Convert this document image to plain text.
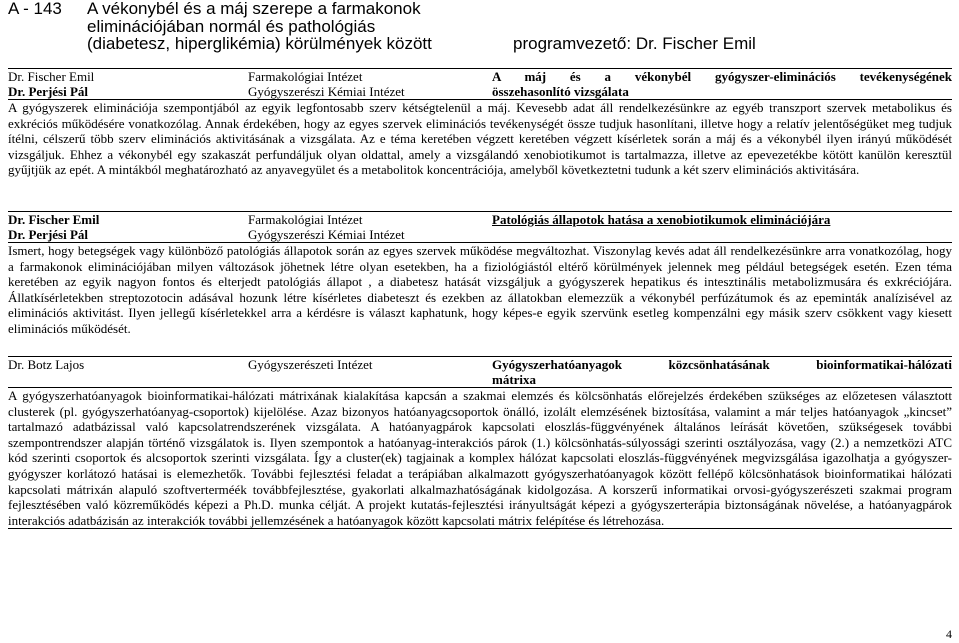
A - 143 A vékonybél és a máj szerepe a farmakonok
eliminációjában normál és pathológiás
(diabetesz, hiperglikémia) körülmények között	programvezető: Dr. Fischer Emil
Dr. Fischer Emil	Farmakológiai Intézet	A máj és a vékonybél gyógyszer-eliminációs tevékenységének
Dr. Perjési Pál	Gyógyszerészi Kémiai Intézet	összehasonlító vizsgálata

A gyógyszerek eliminációja szempontjából az egyik legfontosabb szerv kétségtelenül a máj. Kevesebb adat áll rendelkezésünkre az egyéb transzport szervek metabolikus és exkréciós működésére vonatkozólag. Annak érdekében, hogy az egyes szervek eliminációs tevékenységét össze tudjuk hasonlítani, illetve hogy a relatív jelentőségüket meg tudjuk ítélni, célszerű több szerv eliminációs aktivitásának a vizsgálata. Az e téma keretében végzett keretében végzett kísérletek során a máj és a vékonybél ilyen irányú működését vizsgáljuk. Ehhez a vékonybél egy szakaszát perfundáljuk olyan oldattal, amely a vizsgálandó xenobiotikumot is tartalmazza, illetve az epevezetékbe kötött kanülön keresztül gyűjtjük az epét. A mintákból meghatározható az anyavegyület és a metabolitok koncentrációja, amelyből következtetni tudunk a két szerv eliminációs aktivitására.

Dr. Fischer Emil	Farmakológiai Intézet	Patológiás állapotok hatása a xenobiotikumok eliminációjára
Dr. Perjési Pál	Gyógyszerészi Kémiai Intézet

Ismert, hogy betegségek vagy különböző patológiás állapotok során az egyes szervek működése megváltozhat. Viszonylag kevés adat áll rendelkezésünkre arra vonatkozólag, hogy a farmakonok eliminációjában milyen változások jöhetnek létre olyan esetekben, ha a fiziológiástól eltérő körülmények jelennek meg például betegségek esetén. Ezen téma keretében az egyik nagyon fontos és elterjedt patológiás állapot , a diabetesz hatását vizsgáljuk a gyógyszerek hepatikus és intesztinális metabolizmusára és exkréciójára. Állatkísérletekben streptozotocin adásával hozunk létre kísérletes diabeteszt és ezekben az állatokban elemezzük a vékonybél perfúzátumok és az epeminták analízisével az eliminációs aktivitást. Ilyen jellegű kísérletekkel arra a kérdésre is választ kaphatunk, hogy képes-e egyik szervünk esetleg kompenzálni egy másik szerv csökkent vagy kiesett eliminációs működését.

Dr. Botz Lajos	Gyógyszerészeti Intézet	Gyógyszerhatóanyagok közcsönhatásának bioinformatikai-hálózati
mátrixa

A gyógyszerhatóanyagok bioinformatikai-hálózati mátrixának kialakítása kapcsán a szakmai elemzés és kölcsönhatás előrejelzés érdekében szükséges az előzetesen választott clusterek (pl. gyógyszerhatóanyag-csoportok) kijelölése. Azaz bizonyos hatóanyagcsoportok önálló, izolált elemzésének biztosítása, valamint a már teljes hatóanyagok „kincset” tartalmazó adatbázissal való kapcsolatrendszerének vizsgálata. A hatóanyagpárok kapcsolati eloszlás-függvényének általános leírását követően, szükségesek további szempontrendszer alapján történő vizsgálatok is. Ilyen szempontok a hatóanyag-interakciós párok (1.) kölcsönhatás-súlyossági szerinti osztályozása, vagy (2.) a nemzetközi ATC kód szerinti csoportok és alcsoportok szerinti vizsgálata. Így a cluster(ek) tagjainak a komplex hálózat kapcsolati eloszlás-függvényének megvizsgálása igazolhatja a gyógyszer-gyógyszer korlátozó hatásai is elemezhetők. További fejlesztési feladat a terápiában alkalmazott gyógyszerhatóanyagok között fellépő kölcsönhatások bioinformatikai hálózati kapcsolati mátrixán alapuló szoftverterméék továbbfejlesztése, gyakorlati alkalmazhatóságának kidolgozása. A korszerű informatikai orvosi-gyógyszerészeti szakmai program fejlesztésében való közreműködés képezi a Ph.D. munka célját. A projekt kutatás-fejlesztési irányultságát képezi a gyógyszerterápia biztonságának növelése, a hatóanyagpárok interakciós adatbázisán az interakciók további jellemzésének a hatóanyagok között kapcsolati mátrix felépítése és létrehozása.

4
